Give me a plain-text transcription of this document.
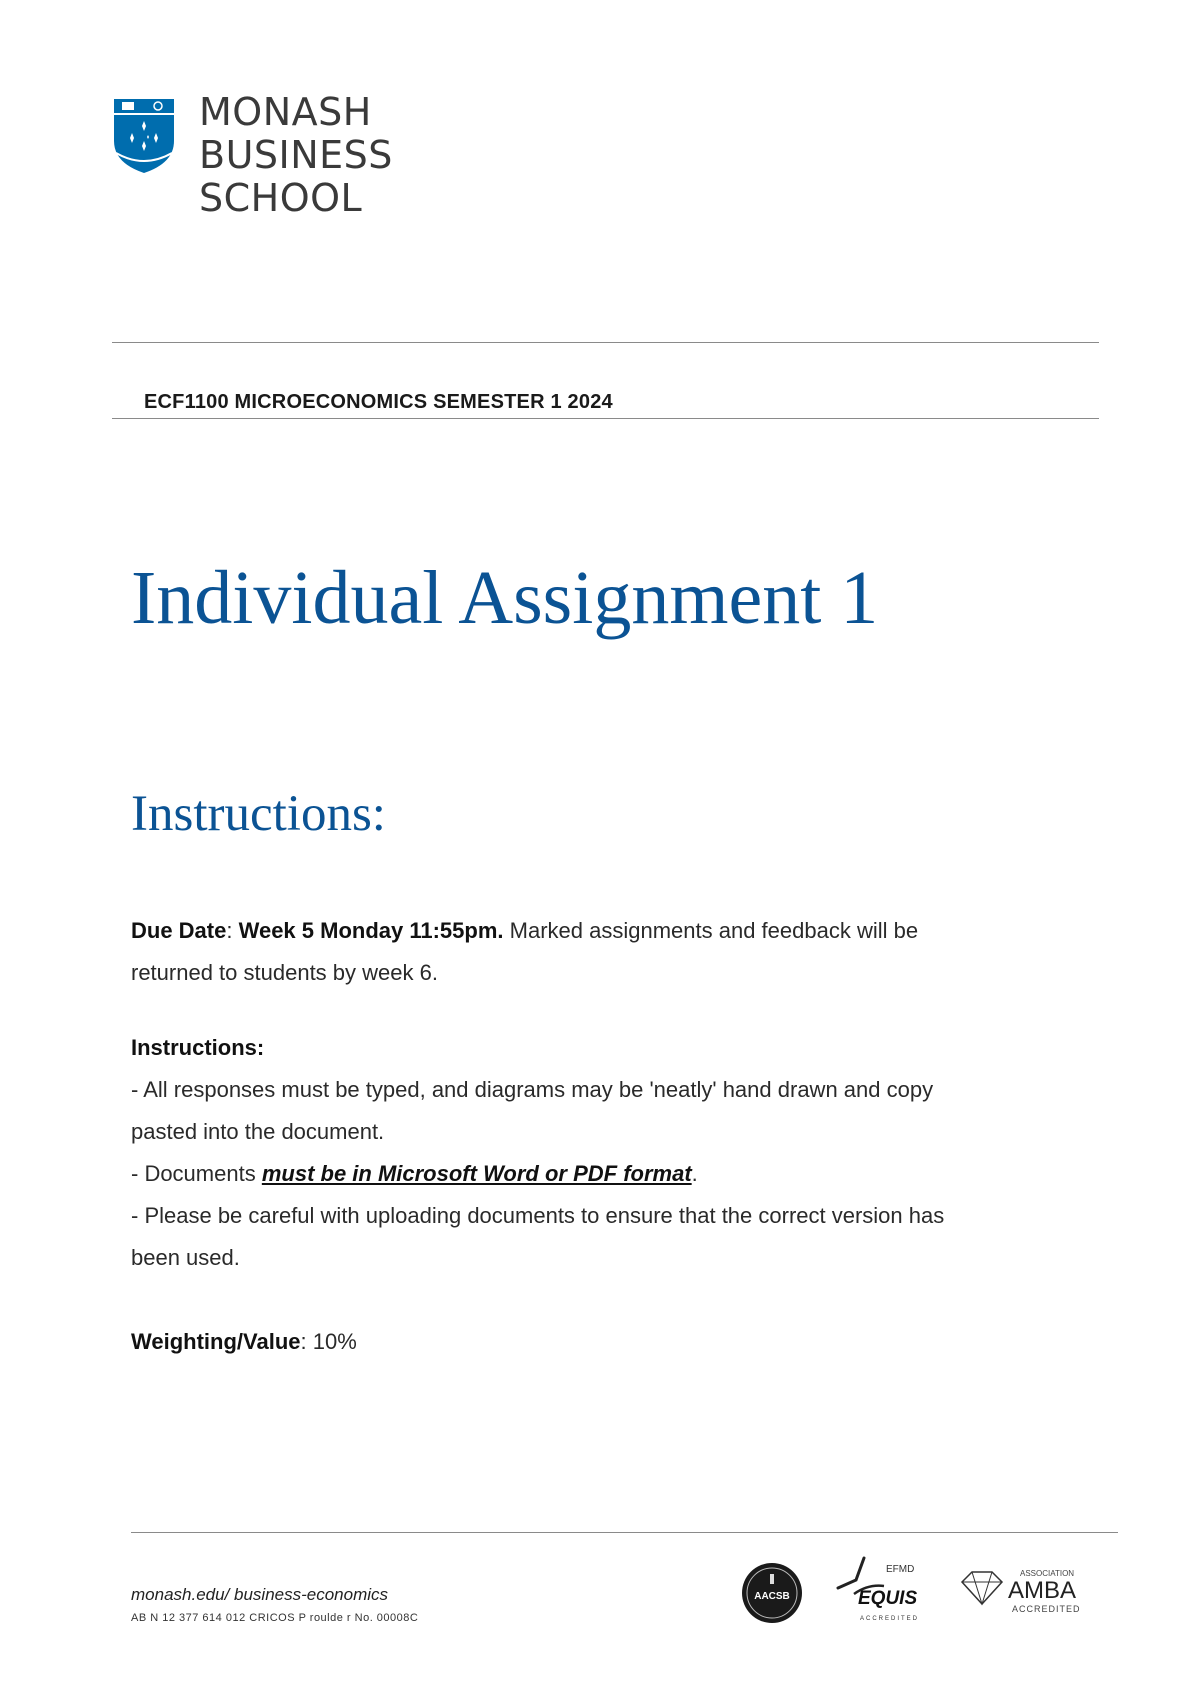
MONASH
BUSINESS
SCHOOL
ECF1100 MICROECONOMICS SEMESTER 1 2024
Individual Assignment 1
Instructions:

Due Date: Week 5 Monday 11:55pm. Marked assignments and feedback will be

returned to students by week 6.

Instructions:

- All responses must be typed, and diagrams may be 'neatly' hand drawn and copy

pasted into the document.

- Documents must be in Microsoft Word or PDF format.

- Please be careful with uploading documents to ensure that the correct version has

been used.

Weighting/Value: 10%

monash.edu/ business-economics
AB N 12 377 614 012 CRICOS P roulde r No. 00008C
AACSB
EFMD
EQUIS
ACCREDITED
ASSOCIATION
AMBA
ACCREDITED
